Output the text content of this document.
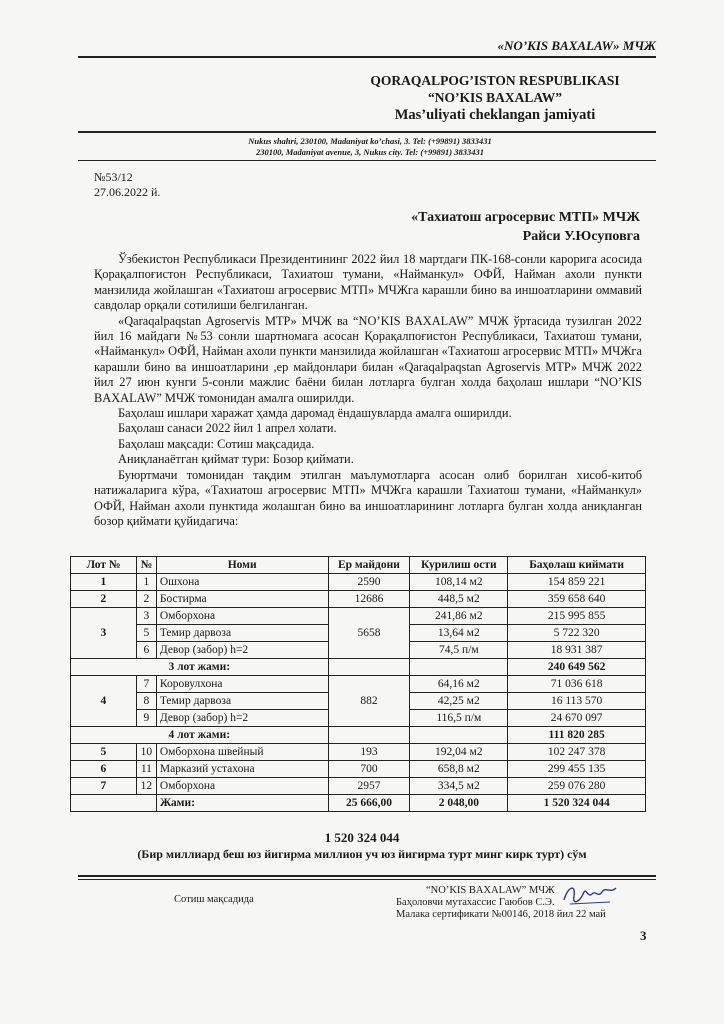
«NO’KIS BAXALAW» МЧЖ
QORAQALPOG’ISTON RESPUBLIKASI
“NO’KIS BAXALAW”
Mas’uliyati cheklangan jamiyati
Nukus shahri, 230100, Madaniyat ko’chasi, 3. Tel: (+99891) 3833431
230100, Madaniyat avenue, 3, Nukus city. Tel: (+99891) 3833431
№53/12
27.06.2022 й.
«Тахиатош агросервис МТП» МЧЖ
Райси У.Юсуповга

Ўзбекистон Республикаси Президентининг 2022 йил 18 мартдаги ПК-168-сонли карорига асосида Қорақалпоғистон Республикаси, Тахиатош тумани, «Найманкул» ОФЙ, Найман ахоли пункти манзилида жойлашган «Тахиатош агросервис МТП» МЧЖга карашли бино ва иншоатларини оммавий савдолар орқали сотилиши белгиланган.

«Qaraqalpaqstan Agroservis MTP» МЧЖ ва “NO’KIS BAXALAW” МЧЖ ўртасида тузилган 2022 йил 16 майдаги №53 сонли шартномага асосан Қорақалпоғистон Республикаси, Тахиатош тумани, «Найманкул» ОФЙ, Найман ахоли пункти манзилида жойлашган «Тахиатош агросервис МТП» МЧЖга карашли бино ва иншоатларини ,ер майдонлари билан «Qaraqalpaqstan Agroservis MTP» МЧЖ 2022 йил 27 июн кунги 5-сонли мажлис баёни билан лотларга булган холда баҳолаш ишлари “NO’KIS BAXALAW” МЧЖ томонидан амалга оширилди.

Баҳолаш ишлари харажат ҳамда даромад ёндашувларда амалга оширилди.

Баҳолаш санаси 2022 йил 1 апрел холати.

Баҳолаш мақсади: Сотиш мақсадида.

Аниқланаётган қиймат тури: Бозор қиймати.

Буюртмачи томонидан тақдим этилган маълумотларга асосан олиб борилган хисоб-китоб натижаларига кўра, «Тахиатош агросервис МТП» МЧЖга карашли Тахиатош тумани, «Найманкул» ОФЙ, Найман ахоли пунктида жолашган бино ва иншоатларининг лотларга булган холда аниқланган бозор қиймати қуйидагича:

Лот №	№	Номи	Ер майдони	Курилиш ости	Баҳолаш киймати
1	1	Ошхона	2590	108,14 м2	154 859 221
2	2	Бостирма	12686	448,5 м2	359 658 640
3	3	Омборхона	5658	241,86 м2	215 995 855
	5	Темир дарвоза		13,64 м2	5 722 320
	6	Девор (забор) h=2		74,5 п/м	18 931 387
3 лот жами:					240 649 562
4	7	Коровулхона	882	64,16 м2	71 036 618
	8	Темир дарвоза		42,25 м2	16 113 570
	9	Девор (забор) h=2		116,5 п/м	24 670 097
4 лот жами:					111 820 285
5	10	Омборхона швейный	193	192,04 м2	102 247 378
6	11	Марказий устахона	700	658,8 м2	299 455 135
7	12	Омборхона	2957	334,5 м2	259 076 280
		Жами:	25 666,00	2 048,00	1 520 324 044
1 520 324 044
(Бир миллиард беш юз йигирма миллион уч юз йигирма турт минг кирк турт) сўм
Сотиш мақсадида
“NO’KIS BAXALAW” МЧЖ
Баҳоловчи мутахассис Гаюбов С.Э.
Малака сертификати №00146, 2018 йил 22 май
3
